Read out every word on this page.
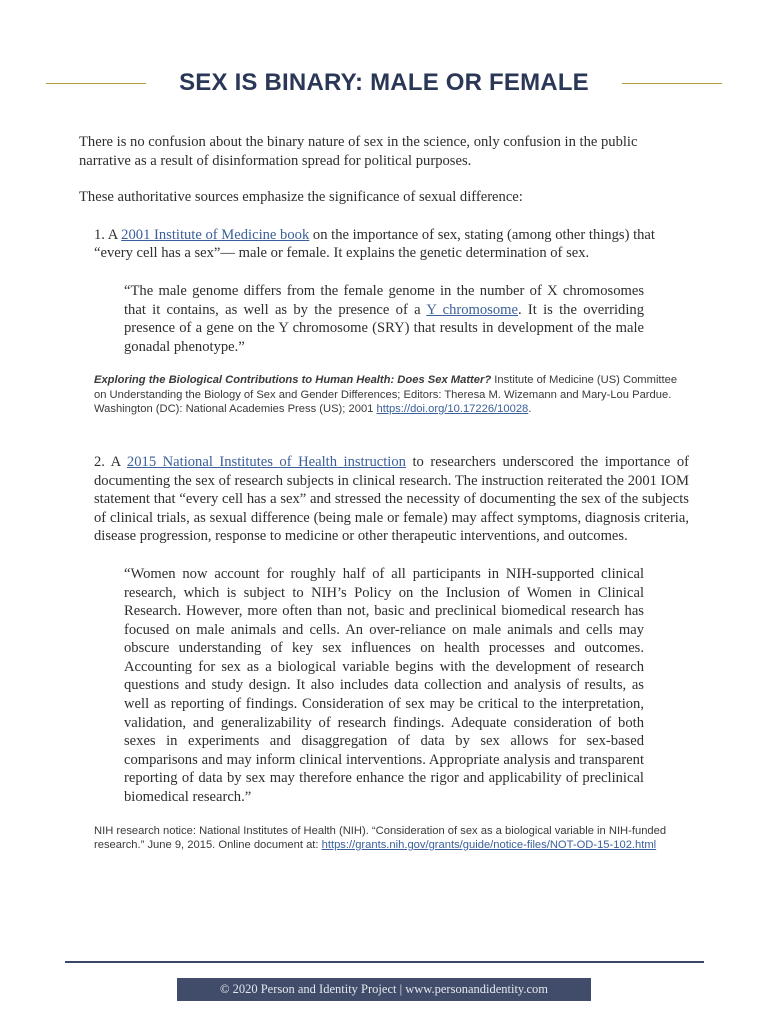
SEX IS BINARY: MALE OR FEMALE

There is no confusion about the binary nature of sex in the science, only confusion in the public narrative as a result of disinformation spread for political purposes.

These authoritative sources emphasize the significance of sexual difference:

1. A 2001 Institute of Medicine book on the importance of sex, stating (among other things) that “every cell has a sex”— male or female. It explains the genetic determination of sex.

“The male genome differs from the female genome in the number of X chromosomes that it contains, as well as by the presence of a Y chromosome. It is the overriding presence of a gene on the Y chromosome (SRY) that results in development of the male gonadal phenotype.”

Exploring the Biological Contributions to Human Health: Does Sex Matter? Institute of Medicine (US) Committee on Understanding the Biology of Sex and Gender Differences; Editors: Theresa M. Wizemann and Mary-Lou Pardue. Washington (DC): National Academies Press (US); 2001 https://doi.org/10.17226/10028.

2. A 2015 National Institutes of Health instruction to researchers underscored the importance of documenting the sex of research subjects in clinical research. The instruction reiterated the 2001 IOM statement that “every cell has a sex” and stressed the necessity of documenting the sex of the subjects of clinical trials, as sexual difference (being male or female) may affect symptoms, diagnosis criteria, disease progression, response to medicine or other therapeutic interventions, and outcomes.

“Women now account for roughly half of all participants in NIH-supported clinical research, which is subject to NIH’s Policy on the Inclusion of Women in Clinical Research. However, more often than not, basic and preclinical biomedical research has focused on male animals and cells. An over-reliance on male animals and cells may obscure understanding of key sex influences on health processes and outcomes. Accounting for sex as a biological variable begins with the development of research questions and study design. It also includes data collection and analysis of results, as well as reporting of findings. Consideration of sex may be critical to the interpretation, validation, and generalizability of research findings. Adequate consideration of both sexes in experiments and disaggregation of data by sex allows for sex-based comparisons and may inform clinical interventions. Appropriate analysis and transparent reporting of data by sex may therefore enhance the rigor and applicability of preclinical biomedical research.”

NIH research notice: National Institutes of Health (NIH). “Consideration of sex as a biological variable in NIH-funded research.” June 9, 2015. Online document at: https://grants.nih.gov/grants/guide/notice-files/NOT-OD-15-102.html

© 2020 Person and Identity Project | www.personandidentity.com
